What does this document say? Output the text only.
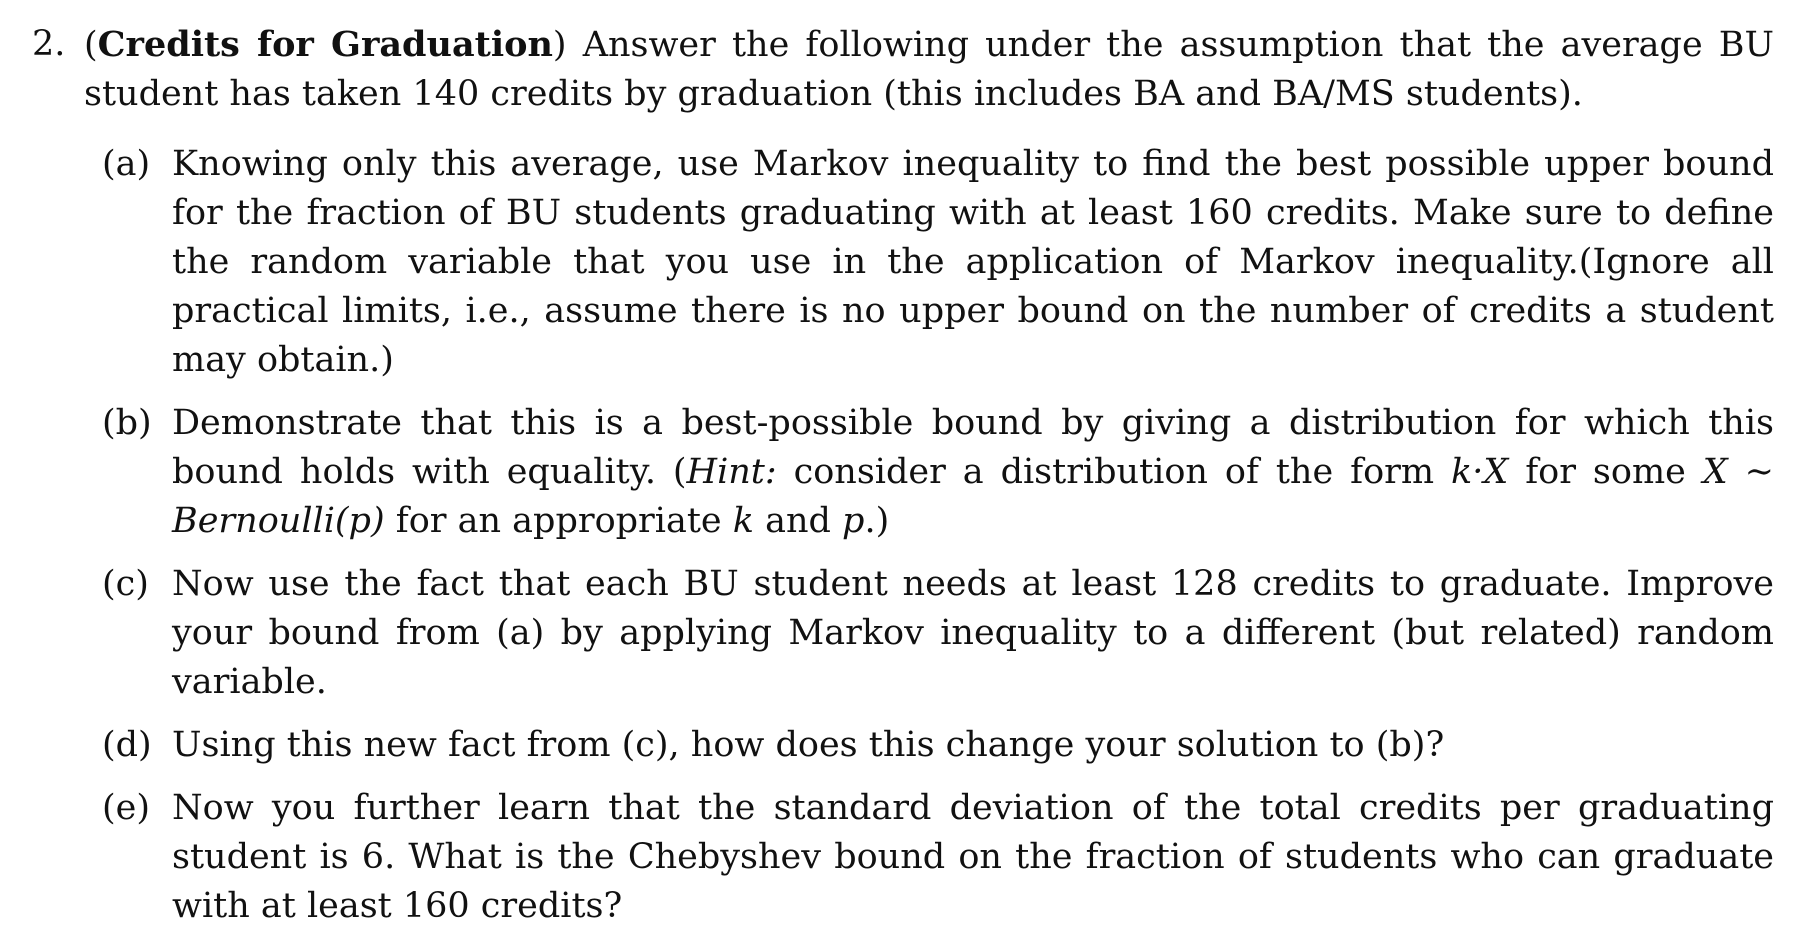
2. (Credits for Graduation) Answer the following under the assumption that the average BU student has taken 140 credits by graduation (this includes BA and BA/MS students).
(a) Knowing only this average, use Markov inequality to find the best possible upper bound for the fraction of BU students graduating with at least 160 credits. Make sure to define the random variable that you use in the application of Markov inequality.(Ignore all practical limits, i.e., assume there is no upper bound on the number of credits a student may obtain.)
(b) Demonstrate that this is a best-possible bound by giving a distribution for which this bound holds with equality. (Hint: consider a distribution of the form k·X for some X ∼ Bernoulli(p) for an appropriate k and p.)
(c) Now use the fact that each BU student needs at least 128 credits to graduate. Improve your bound from (a) by applying Markov inequality to a different (but related) random variable.
(d) Using this new fact from (c), how does this change your solution to (b)?
(e) Now you further learn that the standard deviation of the total credits per graduating student is 6. What is the Chebyshev bound on the fraction of students who can graduate with at least 160 credits?
